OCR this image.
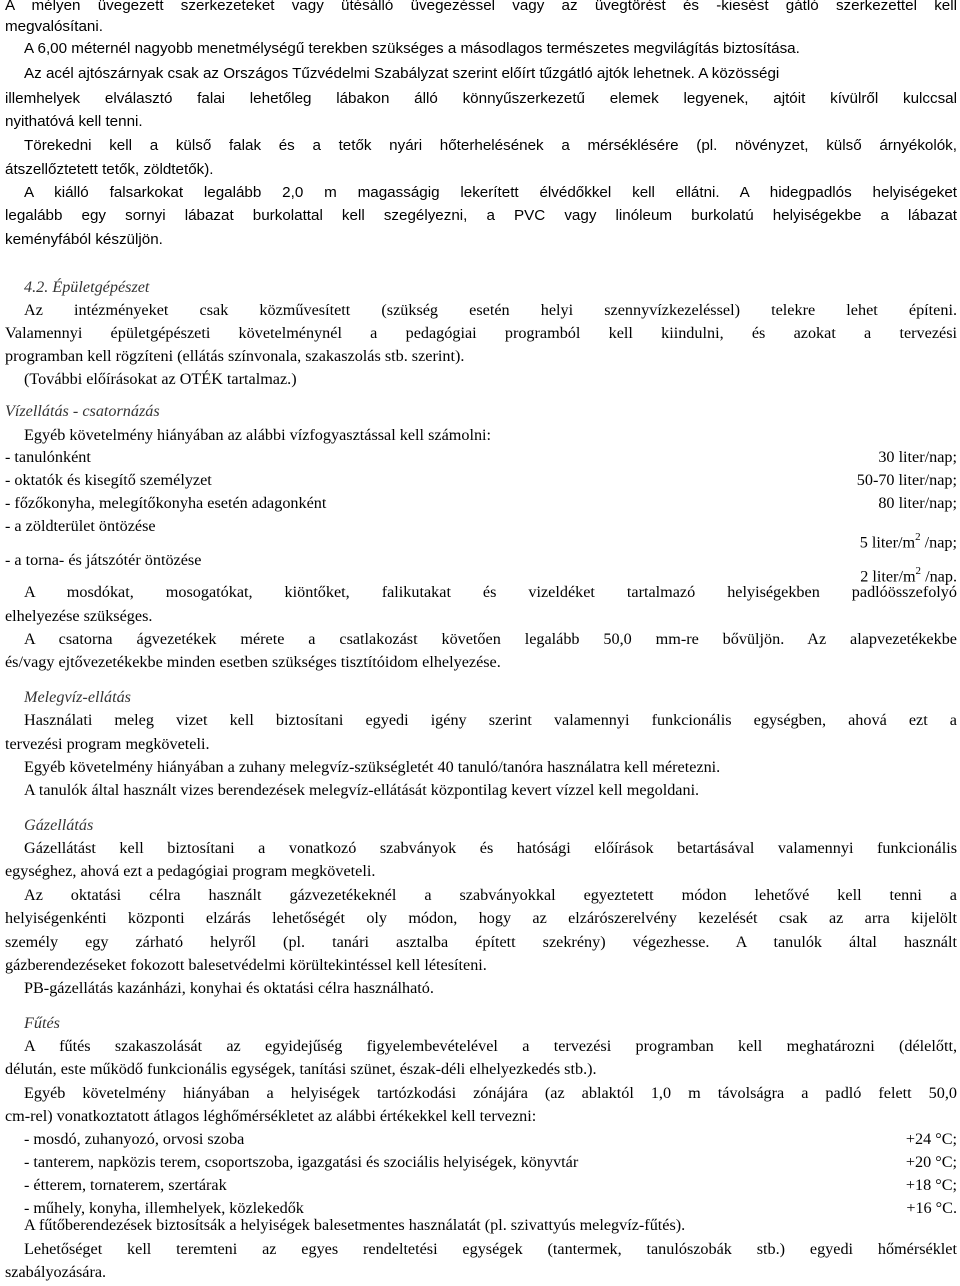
A mélyen üvegezett szerkezeteket vagy ütésálló üvegezéssel vagy az üvegtörést és -kiesést gátló szerkezettel kell
megvalósítani.
A 6,00 méternél nagyobb menetmélységű terekben szükséges a másodlagos természetes megvilágítás biztosítása.
Az acél ajtószárnyak csak az Országos Tűzvédelmi Szabályzat szerint előírt tűzgátló ajtók lehetnek. A közösségi
illemhelyek elválasztó falai lehetőleg lábakon álló könnyűszerkezetű elemek legyenek, ajtóit kívülről kulccsal
nyithatóvá kell tenni.
Törekedni kell a külső falak és a tetők nyári hőterhelésének a mérséklésére (pl. növényzet, külső árnyékolók,
átszellőztetett tetők, zöldtetők).
A kiálló falsarkokat legalább 2,0 m magasságig lekerített élvédőkkel kell ellátni. A hidegpadlós helyiségeket
legalább egy sornyi lábazat burkolattal kell szegélyezni, a PVC vagy linóleum burkolatú helyiségekbe a lábazat
keményfából készüljön.
4.2. Épületgépészet
Az intézményeket csak közművesített (szükség esetén helyi szennyvízkezeléssel) telekre lehet építeni.
Valamennyi épületgépészeti követelménynél a pedagógiai programból kell kiindulni, és azokat a tervezési
programban kell rögzíteni (ellátás színvonala, szakaszolás stb. szerint).
(További előírásokat az OTÉK tartalmaz.)
Vízellátás - csatornázás
Egyéb követelmény hiányában az alábbi vízfogyasztással kell számolni:
- tanulónként	30 liter/nap;
- oktatók és kisegítő személyzet	50-70 liter/nap;
- főzőkonyha, melegítőkonyha esetén adagonként	80 liter/nap;
- a zöldterület öntözése
5 liter/$m^2$ /nap;
- a torna- és játszótér öntözése
2 liter/$m^2$ /nap.
A mosdókat, mosogatókat, kiöntőket, falikutakat és vizeldéket tartalmazó helyiségekben padlóösszefolyó
elhelyezése szükséges.
A csatorna ágvezetékek mérete a csatlakozást követően legalább 50,0 mm-re bővüljön. Az alapvezetékekbe
és/vagy ejtővezetékekbe minden esetben szükséges tisztítóidom elhelyezése.
Melegvíz-ellátás
Használati meleg vizet kell biztosítani egyedi igény szerint valamennyi funkcionális egységben, ahová ezt a
tervezési program megköveteli.
Egyéb követelmény hiányában a zuhany melegvíz-szükségletét 40 tanuló/tanóra használatra kell méretezni.
A tanulók által használt vizes berendezések melegvíz-ellátását központilag kevert vízzel kell megoldani.
Gázellátás
Gázellátást kell biztosítani a vonatkozó szabványok és hatósági előírások betartásával valamennyi funkcionális
egységhez, ahová ezt a pedagógiai program megköveteli.
Az oktatási célra használt gázvezetékeknél a szabványokkal egyeztetett módon lehetővé kell tenni a
helyiségenkénti központi elzárás lehetőségét oly módon, hogy az elzárószerelvény kezelését csak az arra kijelölt
személy egy zárható helyről (pl. tanári asztalba épített szekrény) végezhesse. A tanulók által használt
gázberendezéseket fokozott balesetvédelmi körültekintéssel kell létesíteni.
PB-gázellátás kazánházi, konyhai és oktatási célra használható.
Fűtés
A fűtés szakaszolását az egyidejűség figyelembevételével a tervezési programban kell meghatározni (délelőtt,
délután, este működő funkcionális egységek, tanítási szünet, észak-déli elhelyezkedés stb.).
Egyéb követelmény hiányában a helyiségek tartózkodási zónájára (az ablaktól 1,0 m távolságra a padló felett 50,0
cm-rel) vonatkoztatott átlagos léghőmérsékletet az alábbi értékekkel kell tervezni:
- mosdó, zuhanyozó, orvosi szoba	+24 °C;
- tanterem, napközis terem, csoportszoba, igazgatási és szociális helyiségek, könyvtár	+20 °C;
- étterem, tornaterem, szertárak	+18 °C;
- műhely, konyha, illemhelyek, közlekedők	+16 °C.
A fűtőberendezések biztosítsák a helyiségek balesetmentes használatát (pl. szivattyús melegvíz-fűtés).
Lehetőséget kell teremteni az egyes rendeltetési egységek (tantermek, tanulószobák stb.) egyedi hőmérséklet
szabályozására.
